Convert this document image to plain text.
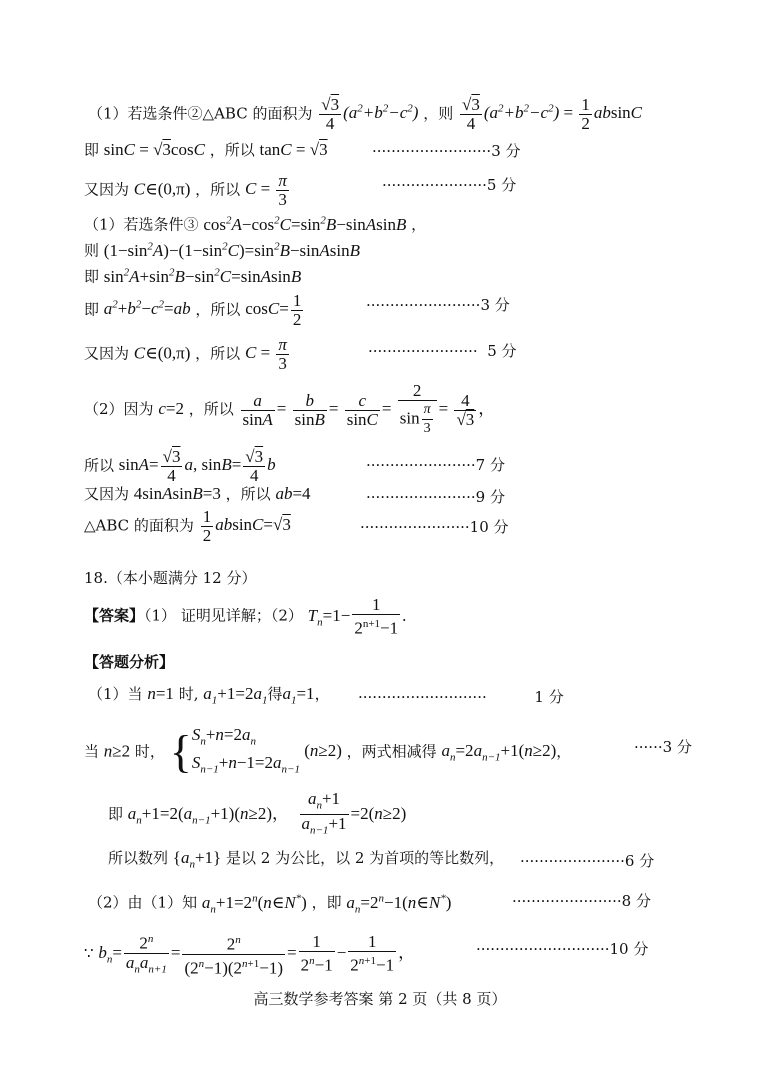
（1）若选条件②△ABC 的面积为 $\frac{√3}{4} (a^2+b^2-c^2)$ ，则 $\frac{√3}{4} (a^2+b^2-c^2) = \frac{1}{2}$ absinC
即 sinC = √3cosC ，所以 tanC = √3	·························3 分
又因为 C∈(0,π) ，所以 $C = \frac{\pi}{3}$	······················5 分
（1）若选条件③ $\cos^2A-\cos^2C=\sin^2B-sinAsinB$ ，
则 $(1-\sin^2A)-(1-\sin^2C)=\sin^2B-sinAsinB$
即 $\sin^2A+\sin^2B-\sin^2C=sinAsinB$
即 $a^2+b^2-c^2=ab$ ，所以 $\cos C= \frac{1}{2}$	························3 分
又因为 C∈(0,π) ，所以 $C = \frac{\pi}{3}$	·······················  5 分
（2）因为 c=2 ，所以 $\frac{a}{\sin A} = \frac{b}{\sin B} = \frac{c}{\sin C} = \frac{2}{\sin \frac{\pi}{3}} = \frac{4}{√3}$ ，
所以 $\sin A= \frac{√3}{4} a$, $\sin B= \frac{√3}{4}$ b	·······················7 分
又因为 4sinAsinB=3 ，所以 ab=4	·······················9 分
△ABC 的面积为 $\frac{1}{2} absinC=√3$	·······················10 分
18.（本小题满分 12 分）
【答案】（1） 证明见详解；（2） $T_n=1- \frac{1}{2^{n+1}-1}$ .
【答题分析】
（1）当 n=1 时, $a_1+1=2a_1$得$a_1=1$， ···························          1 分
当 n≥2 时， {$S_n+n=2a_n$
$S_{n-1}+n-1=2a_{n-1}$ (n≥2) ，两式相减得 $a_n=2a_{n-1}+1(n\ge 2)$，	······3 分
即 $a_n+1=2(a_{n-1}+1)(n\ge 2)$， $\frac{a_n+1}{a_{n-1}+1} =2(n\ge 2)$
所以数列 $\{a_n+1\}$ 是以 2 为公比，以 2 为首项的等比数列， ······················6 分
（2）由（1）知 $a_n+1=2^n(n\in N^*)$ ，即 $a_n=2^n-1(n\in N^*)$	·······················8 分
∵ $b_n= \frac{2^n}{a_na_{n+1}} = \frac{2^n}{(2^n-1)(2^{n+1}-1)} = \frac{1}{2^n-1} - \frac{1}{2^{n+1}-1}$ ，	····························10 分
高三数学参考答案 第 2 页（共 8 页）
